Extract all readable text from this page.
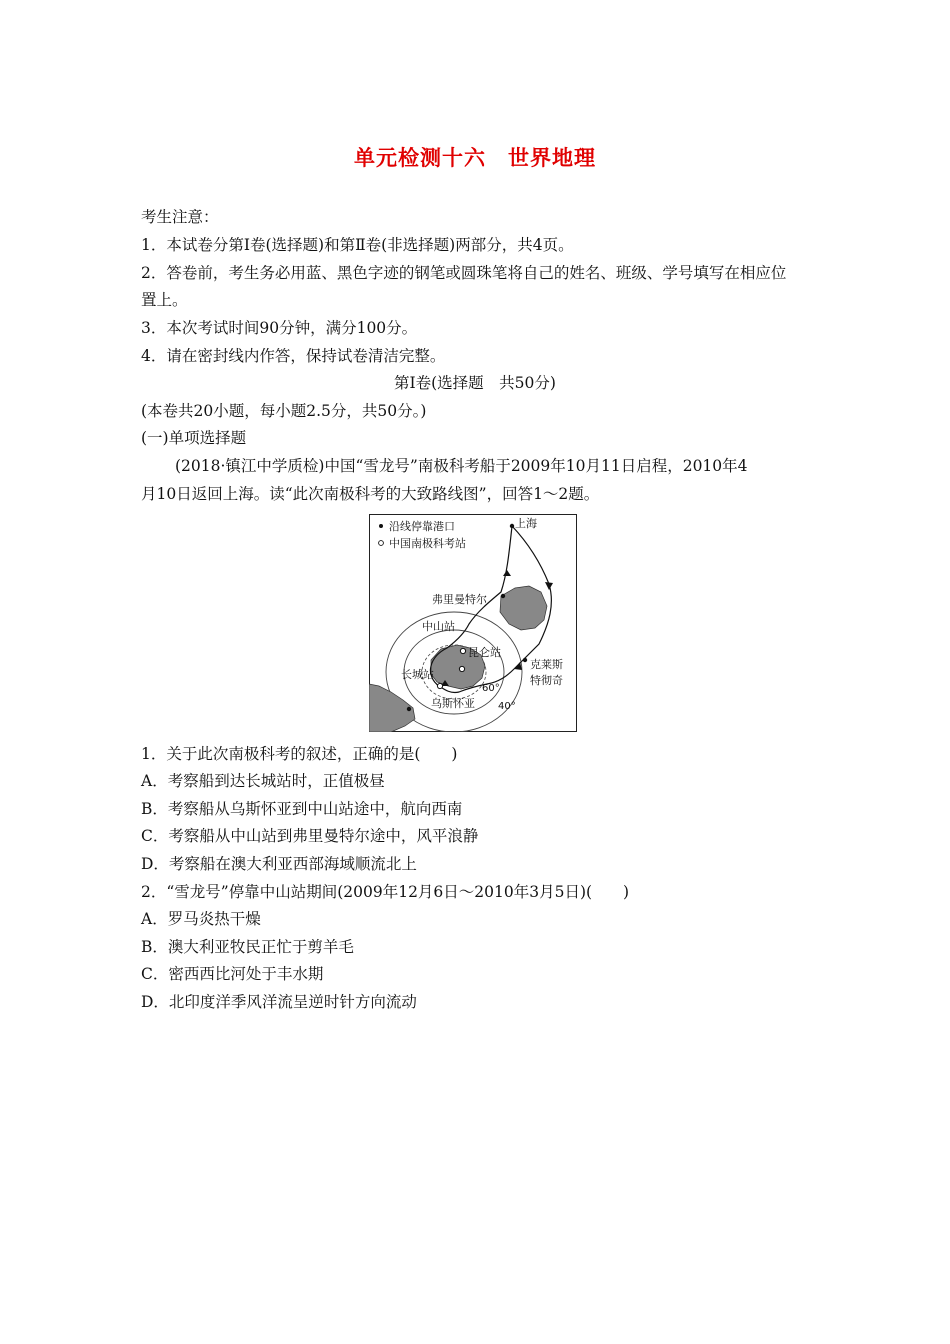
单元检测十六　世界地理
考生注意：
1．本试卷分第Ⅰ卷(选择题)和第Ⅱ卷(非选择题)两部分，共4页。
2．答卷前，考生务必用蓝、黑色字迹的钢笔或圆珠笔将自己的姓名、班级、学号填写在相应位
置上。
3．本次考试时间90分钟，满分100分。
4．请在密封线内作答，保持试卷清洁完整。
第Ⅰ卷(选择题　共50分)
(本卷共20小题，每小题2.5分，共50分。)
(一)单项选择题
(2018·镇江中学质检)中国“雪龙号”南极科考船于2009年10月11日启程，2010年4
月10日返回上海。读“此次南极科考的大致路线图”，回答1～2题。
沿线停靠港口
中国南极科考站
上海
弗里曼特尔
中山站
昆仑站
克莱斯
特彻奇
长城站
乌斯怀亚
60°
40°
1．关于此次南极科考的叙述，正确的是(　　)
A．考察船到达长城站时，正值极昼
B．考察船从乌斯怀亚到中山站途中，航向西南
C．考察船从中山站到弗里曼特尔途中，风平浪静
D．考察船在澳大利亚西部海域顺流北上
2．“雪龙号”停靠中山站期间(2009年12月6日～2010年3月5日)(　　)
A．罗马炎热干燥
B．澳大利亚牧民正忙于剪羊毛
C．密西西比河处于丰水期
D．北印度洋季风洋流呈逆时针方向流动
